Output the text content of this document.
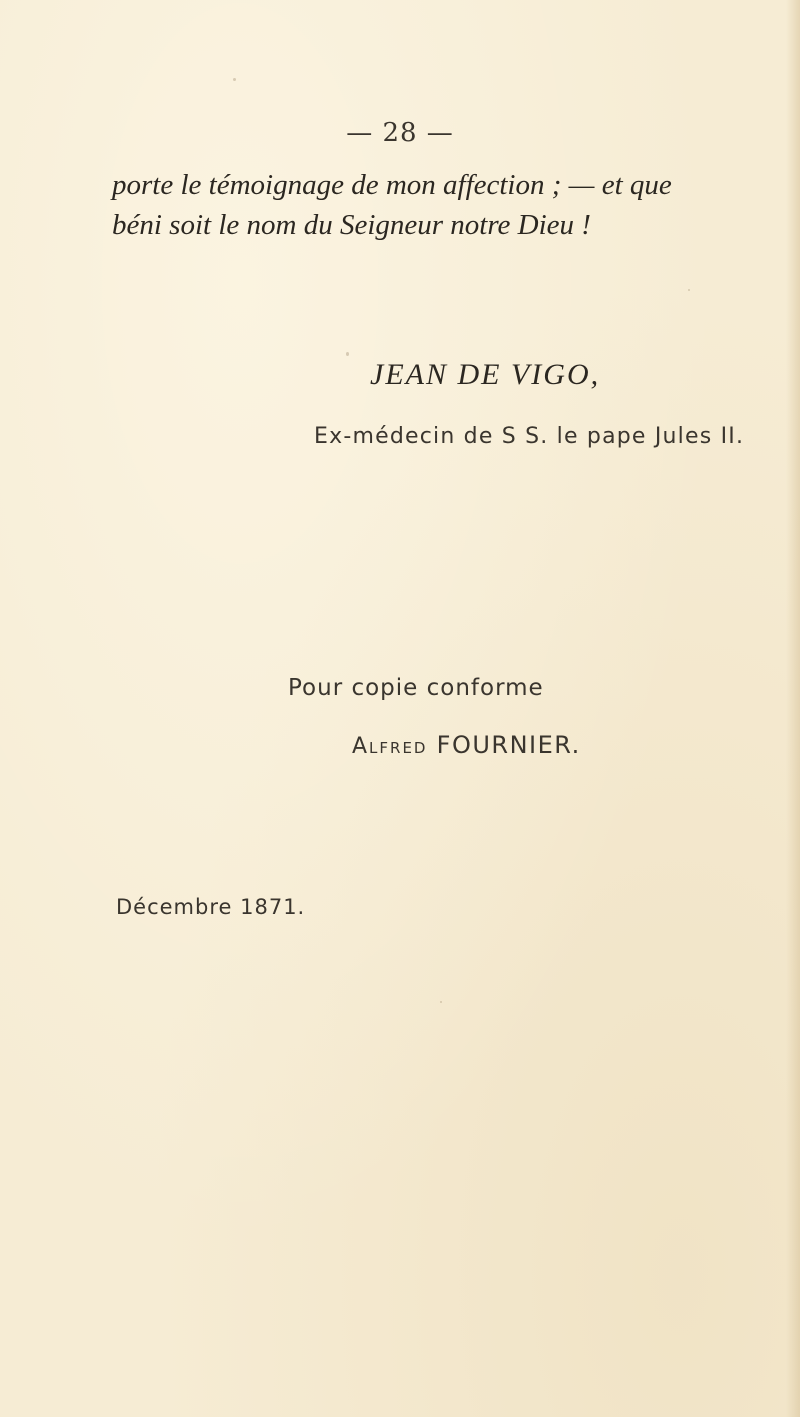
— 28 —
porte le témoignage de mon affection ; — et que
béni soit le nom du Seigneur notre Dieu !
JEAN DE VIGO,
Ex-médecin de S S. le pape Jules II.
Pour copie conforme
Alfred FOURNIER.
Décembre 1871.
